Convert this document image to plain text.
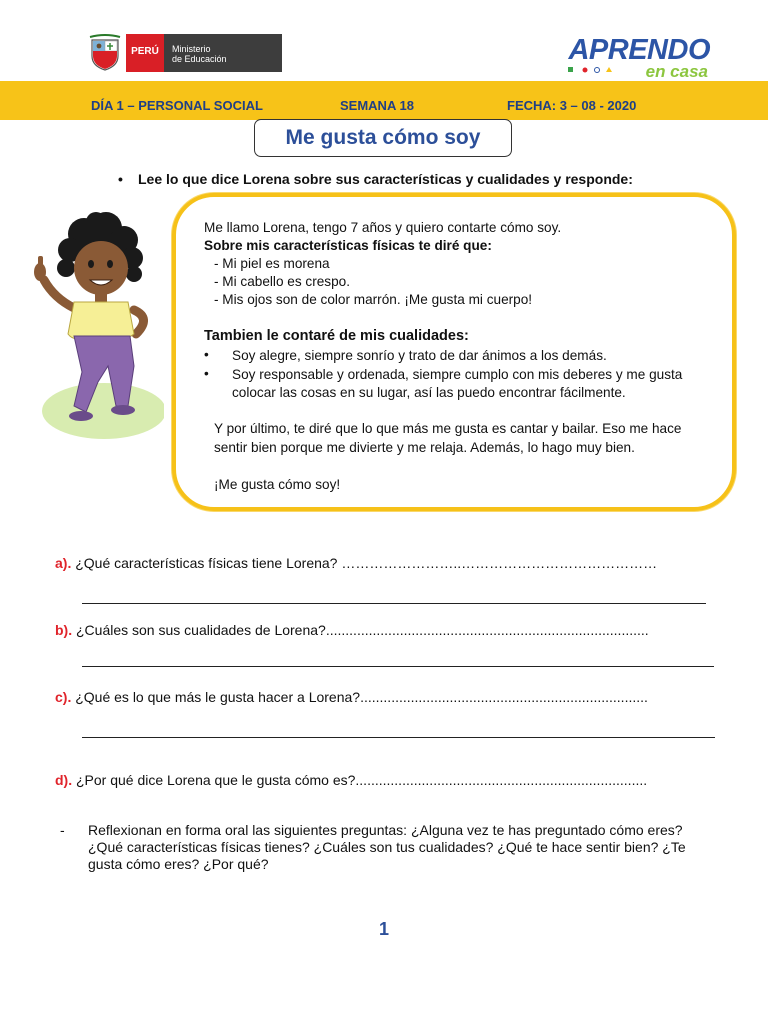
PERÚ	Ministerio
de Educación	APRENDO
en casa
DÍA 1 – PERSONAL SOCIAL	SEMANA 18	FECHA: 3 – 08 - 2020
Me gusta cómo soy
• Lee lo que dice Lorena sobre sus características y cualidades y responde:
Me llamo Lorena, tengo 7 años y quiero contarte cómo soy.
Sobre mis características físicas te diré que:
- Mi piel es morena
- Mi cabello es crespo.
- Mis ojos son de color marrón. ¡Me gusta mi cuerpo!
Tambien le contaré de mis cualidades:
• Soy alegre, siempre sonrío y trato de dar ánimos a los demás.
• Soy responsable y ordenada, siempre cumplo con mis deberes y me gusta
colocar las cosas en su lugar, así las puedo encontrar fácilmente.
Y por último, te diré que lo que más me gusta es cantar y bailar. Eso me hace
sentir bien porque me divierte y me relaja. Además, lo hago muy bien.
¡Me gusta cómo soy!
a). ¿Qué características físicas tiene Lorena? ……………………..……………………………………
b). ¿Cuáles son sus cualidades de Lorena?...................................................................................
c). ¿Qué es lo que más le gusta hacer a Lorena?..........................................................................
d). ¿Por qué dice Lorena que le gusta cómo es?...........................................................................
- Reflexionan en forma oral las siguientes preguntas: ¿Alguna vez te has preguntado cómo eres? ¿Qué características físicas tienes? ¿Cuáles son tus cualidades? ¿Qué te hace sentir bien? ¿Te gusta cómo eres? ¿Por qué?
1
